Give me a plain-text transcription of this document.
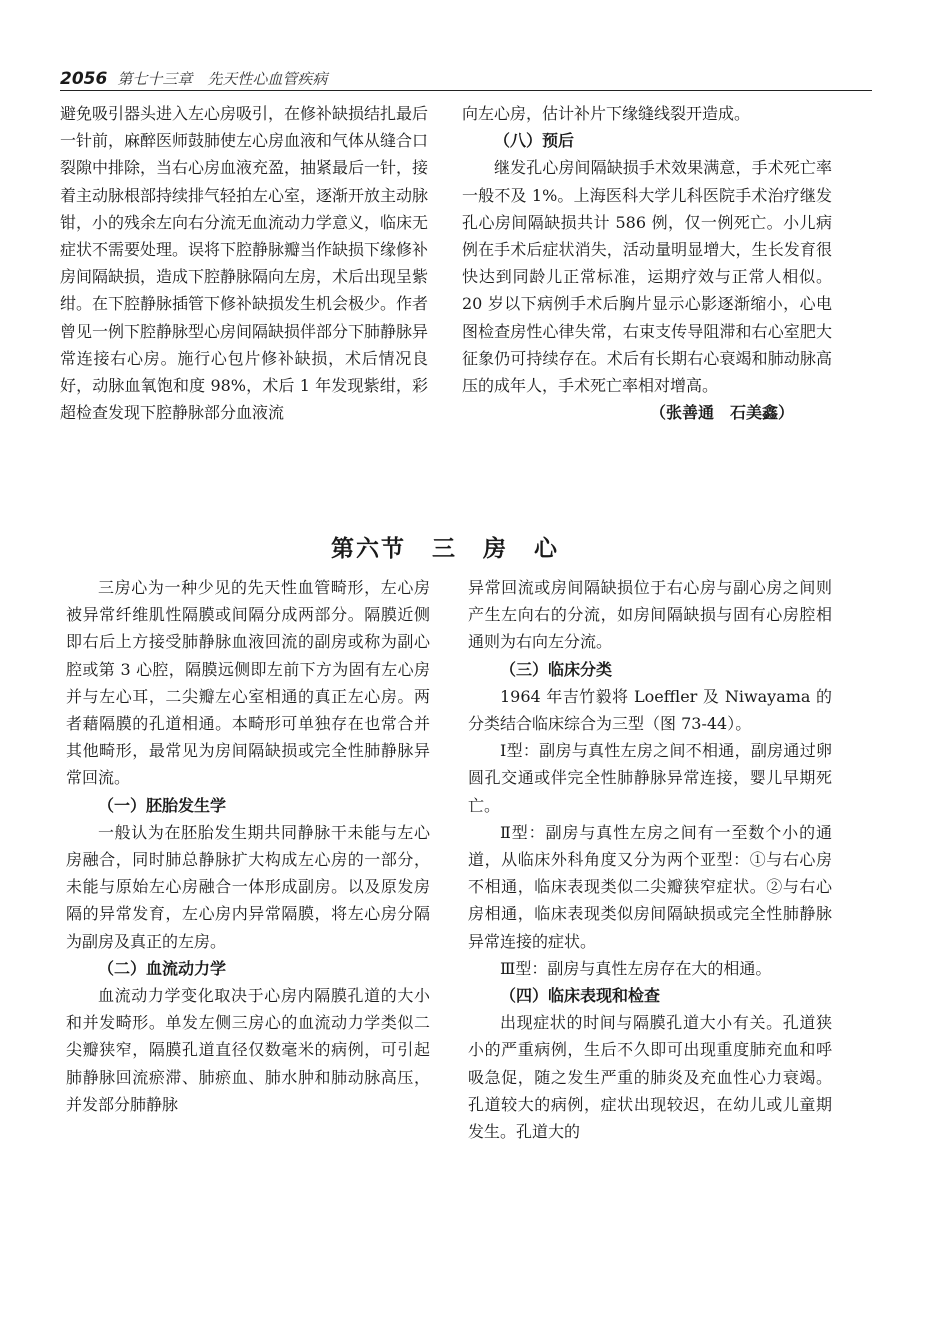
2056 第七十三章　先天性心血管疾病

避免吸引器头进入左心房吸引，在修补缺损结扎最后一针前，麻醉医师鼓肺使左心房血液和气体从缝合口裂隙中排除，当右心房血液充盈，抽紧最后一针，接着主动脉根部持续排气轻拍左心室，逐渐开放主动脉钳，小的残余左向右分流无血流动力学意义，临床无症状不需要处理。误将下腔静脉瓣当作缺损下缘修补房间隔缺损，造成下腔静脉隔向左房，术后出现呈紫绀。在下腔静脉插管下修补缺损发生机会极少。作者曾见一例下腔静脉型心房间隔缺损伴部分下肺静脉异常连接右心房。施行心包片修补缺损，术后情况良好，动脉血氧饱和度 98%，术后 1 年发现紫绀，彩超检查发现下腔静脉部分血液流

向左心房，估计补片下缘缝线裂开造成。

（八）预后

继发孔心房间隔缺损手术效果满意，手术死亡率一般不及 1%。上海医科大学儿科医院手术治疗继发孔心房间隔缺损共计 586 例，仅一例死亡。小儿病例在手术后症状消失，活动量明显增大，生长发育很快达到同龄儿正常标准，运期疗效与正常人相似。20 岁以下病例手术后胸片显示心影逐渐缩小，心电图检查房性心律失常，右束支传导阻滞和右心室肥大征象仍可持续存在。术后有长期右心衰竭和肺动脉高压的成年人，手术死亡率相对增高。

（张善通　石美鑫）

第六节 三 房 心

三房心为一种少见的先天性血管畸形，左心房被异常纤维肌性隔膜或间隔分成两部分。隔膜近侧即右后上方接受肺静脉血液回流的副房或称为副心腔或第 3 心腔，隔膜远侧即左前下方为固有左心房并与左心耳，二尖瓣左心室相通的真正左心房。两者藉隔膜的孔道相通。本畸形可单独存在也常合并其他畸形，最常见为房间隔缺损或完全性肺静脉异常回流。

（一）胚胎发生学

一般认为在胚胎发生期共同静脉干未能与左心房融合，同时肺总静脉扩大构成左心房的一部分，未能与原始左心房融合一体形成副房。以及原发房隔的异常发育，左心房内异常隔膜，将左心房分隔为副房及真正的左房。

（二）血流动力学

血流动力学变化取决于心房内隔膜孔道的大小和并发畸形。单发左侧三房心的血流动力学类似二尖瓣狭窄，隔膜孔道直径仅数毫米的病例，可引起肺静脉回流瘀滞、肺瘀血、肺水肿和肺动脉高压，并发部分肺静脉

异常回流或房间隔缺损位于右心房与副心房之间则产生左向右的分流，如房间隔缺损与固有心房腔相通则为右向左分流。

（三）临床分类

1964 年吉竹毅将 Loeffler 及 Niwayama 的分类结合临床综合为三型（图 73-44）。

Ⅰ型：副房与真性左房之间不相通，副房通过卵圆孔交通或伴完全性肺静脉异常连接，婴儿早期死亡。

Ⅱ型：副房与真性左房之间有一至数个小的通道，从临床外科角度又分为两个亚型：①与右心房不相通，临床表现类似二尖瓣狭窄症状。②与右心房相通，临床表现类似房间隔缺损或完全性肺静脉异常连接的症状。

Ⅲ型：副房与真性左房存在大的相通。

（四）临床表现和检查

出现症状的时间与隔膜孔道大小有关。孔道狭小的严重病例，生后不久即可出现重度肺充血和呼吸急促，随之发生严重的肺炎及充血性心力衰竭。孔道较大的病例，症状出现较迟，在幼儿或儿童期发生。孔道大的
